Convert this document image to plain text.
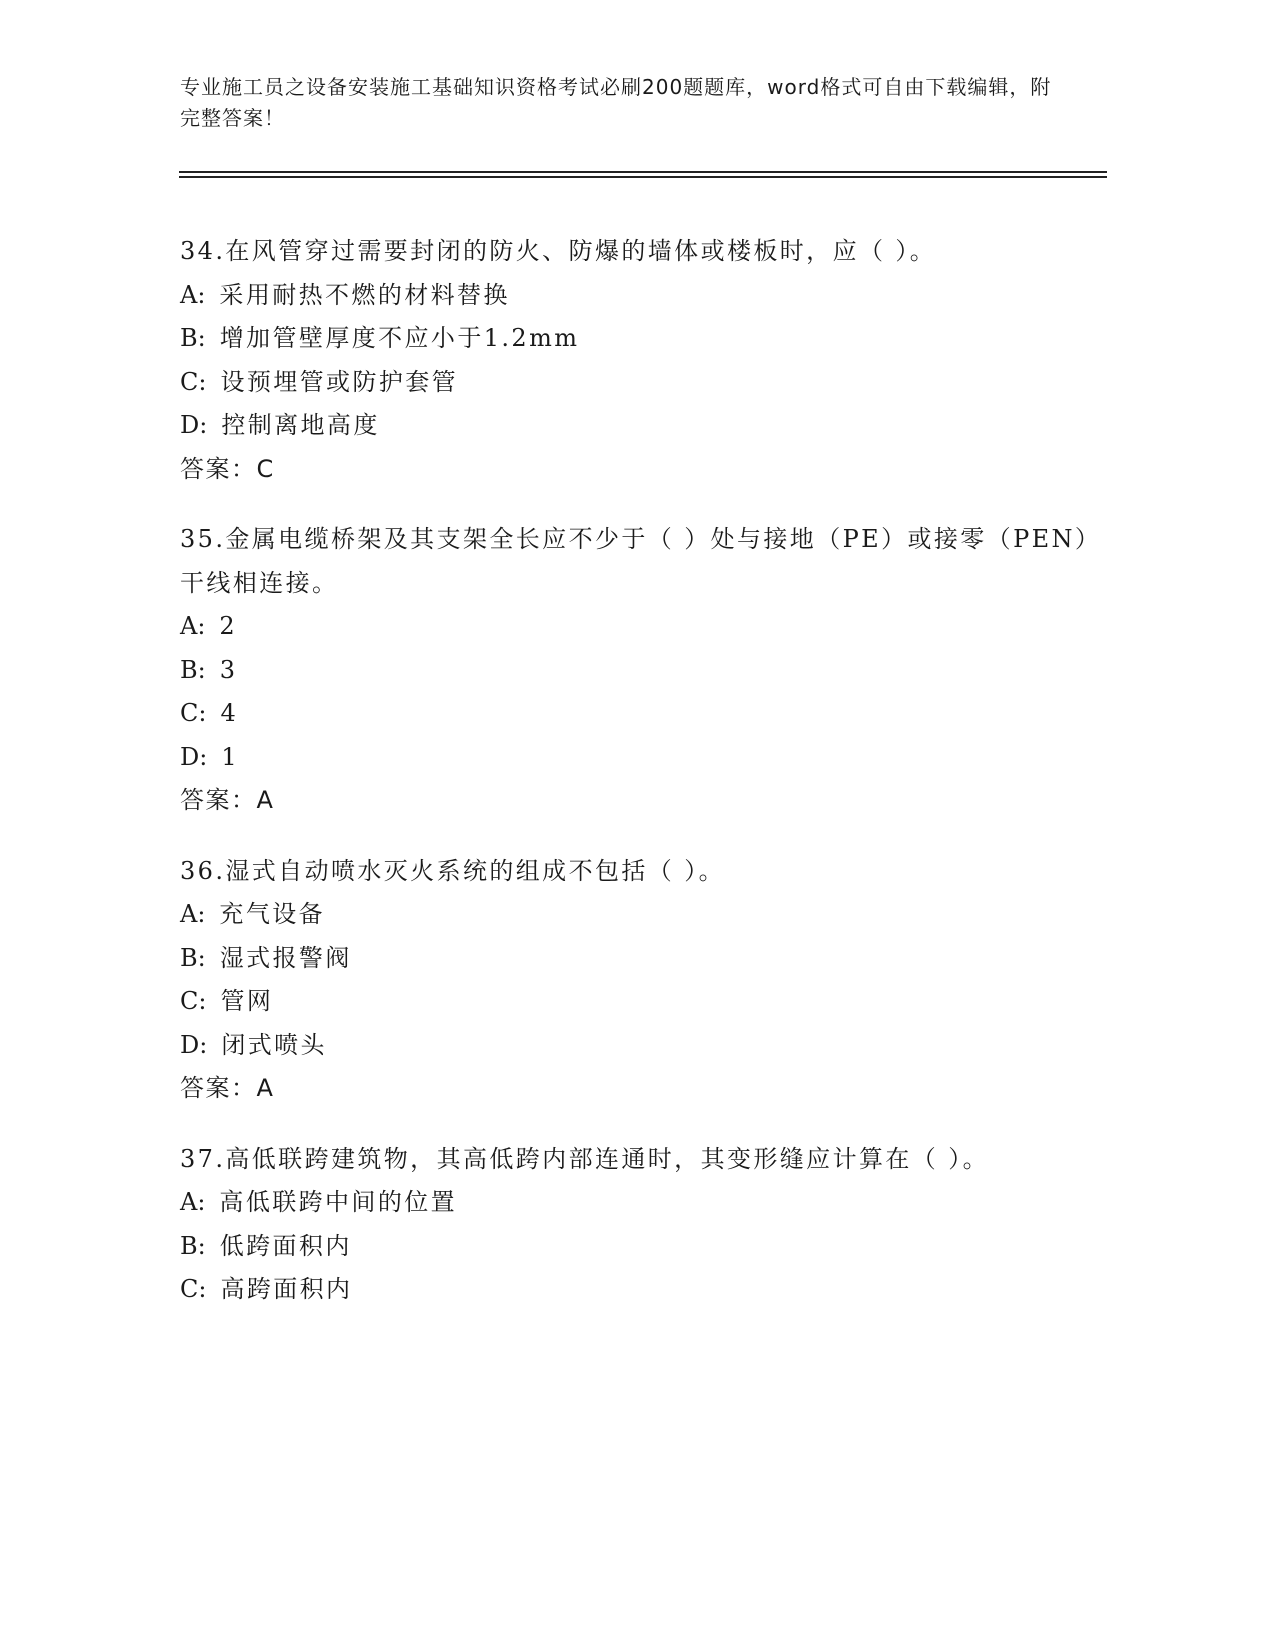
专业施工员之设备安装施工基础知识资格考试必刷200题题库，word格式可自由下载编辑，附完整答案！

34.在风管穿过需要封闭的防火、防爆的墙体或楼板时，应（ ）。
A: 采用耐热不燃的材料替换
B: 增加管壁厚度不应小于1.2mm
C: 设预埋管或防护套管
D: 控制离地高度
答案：C
35.金属电缆桥架及其支架全长应不少于（ ）处与接地（PE）或接零（PEN）干线相连接。
A: 2
B: 3
C: 4
D: 1
答案：A
36.湿式自动喷水灭火系统的组成不包括（ ）。
A: 充气设备
B: 湿式报警阀
C: 管网
D: 闭式喷头
答案：A
37.高低联跨建筑物，其高低跨内部连通时，其变形缝应计算在（ ）。
A: 高低联跨中间的位置
B: 低跨面积内
C: 高跨面积内
